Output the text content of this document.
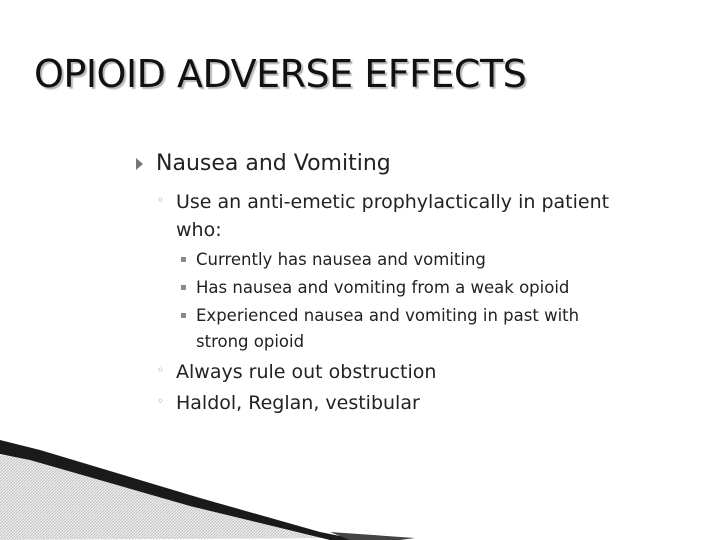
OPIOID ADVERSE EFFECTS
Nausea and Vomiting
◦ Use an anti-emetic prophylactically in patient
who:
▪ Currently has nausea and vomiting
▪ Has nausea and vomiting from a weak opioid
▪ Experienced nausea and vomiting in past with
strong opioid
◦ Always rule out obstruction
◦ Haldol, Reglan, vestibular
